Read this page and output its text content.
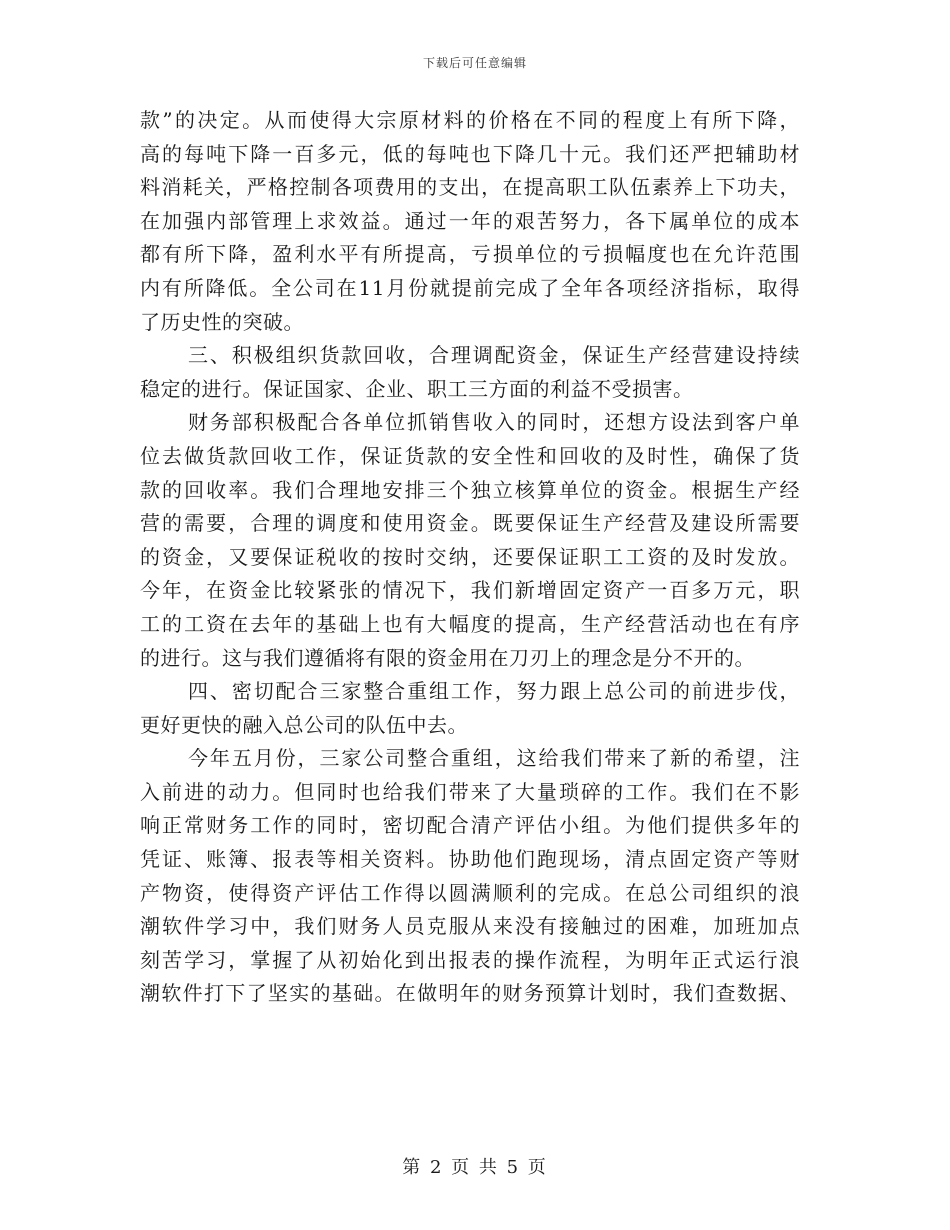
下载后可任意编辑
款”的决定。从而使得大宗原材料的价格在不同的程度上有所下降，
高的每吨下降一百多元，低的每吨也下降几十元。我们还严把辅助材
料消耗关，严格控制各项费用的支出，在提高职工队伍素养上下功夫，
在加强内部管理上求效益。通过一年的艰苦努力，各下属单位的成本
都有所下降，盈利水平有所提高，亏损单位的亏损幅度也在允许范围
内有所降低。全公司在11月份就提前完成了全年各项经济指标，取得
了历史性的突破。
三、积极组织货款回收，合理调配资金，保证生产经营建设持续
稳定的进行。保证国家、企业、职工三方面的利益不受损害。
财务部积极配合各单位抓销售收入的同时，还想方设法到客户单
位去做货款回收工作，保证货款的安全性和回收的及时性，确保了货
款的回收率。我们合理地安排三个独立核算单位的资金。根据生产经
营的需要，合理的调度和使用资金。既要保证生产经营及建设所需要
的资金，又要保证税收的按时交纳，还要保证职工工资的及时发放。
今年，在资金比较紧张的情况下，我们新增固定资产一百多万元，职
工的工资在去年的基础上也有大幅度的提高，生产经营活动也在有序
的进行。这与我们遵循将有限的资金用在刀刃上的理念是分不开的。
四、密切配合三家整合重组工作，努力跟上总公司的前进步伐，
更好更快的融入总公司的队伍中去。
今年五月份，三家公司整合重组，这给我们带来了新的希望，注
入前进的动力。但同时也给我们带来了大量琐碎的工作。我们在不影
响正常财务工作的同时，密切配合清产评估小组。为他们提供多年的
凭证、账簿、报表等相关资料。协助他们跑现场，清点固定资产等财
产物资，使得资产评估工作得以圆满顺利的完成。在总公司组织的浪
潮软件学习中，我们财务人员克服从来没有接触过的困难，加班加点
刻苦学习，掌握了从初始化到出报表的操作流程，为明年正式运行浪
潮软件打下了坚实的基础。在做明年的财务预算计划时，我们查数据、
第 2 页 共 5 页
